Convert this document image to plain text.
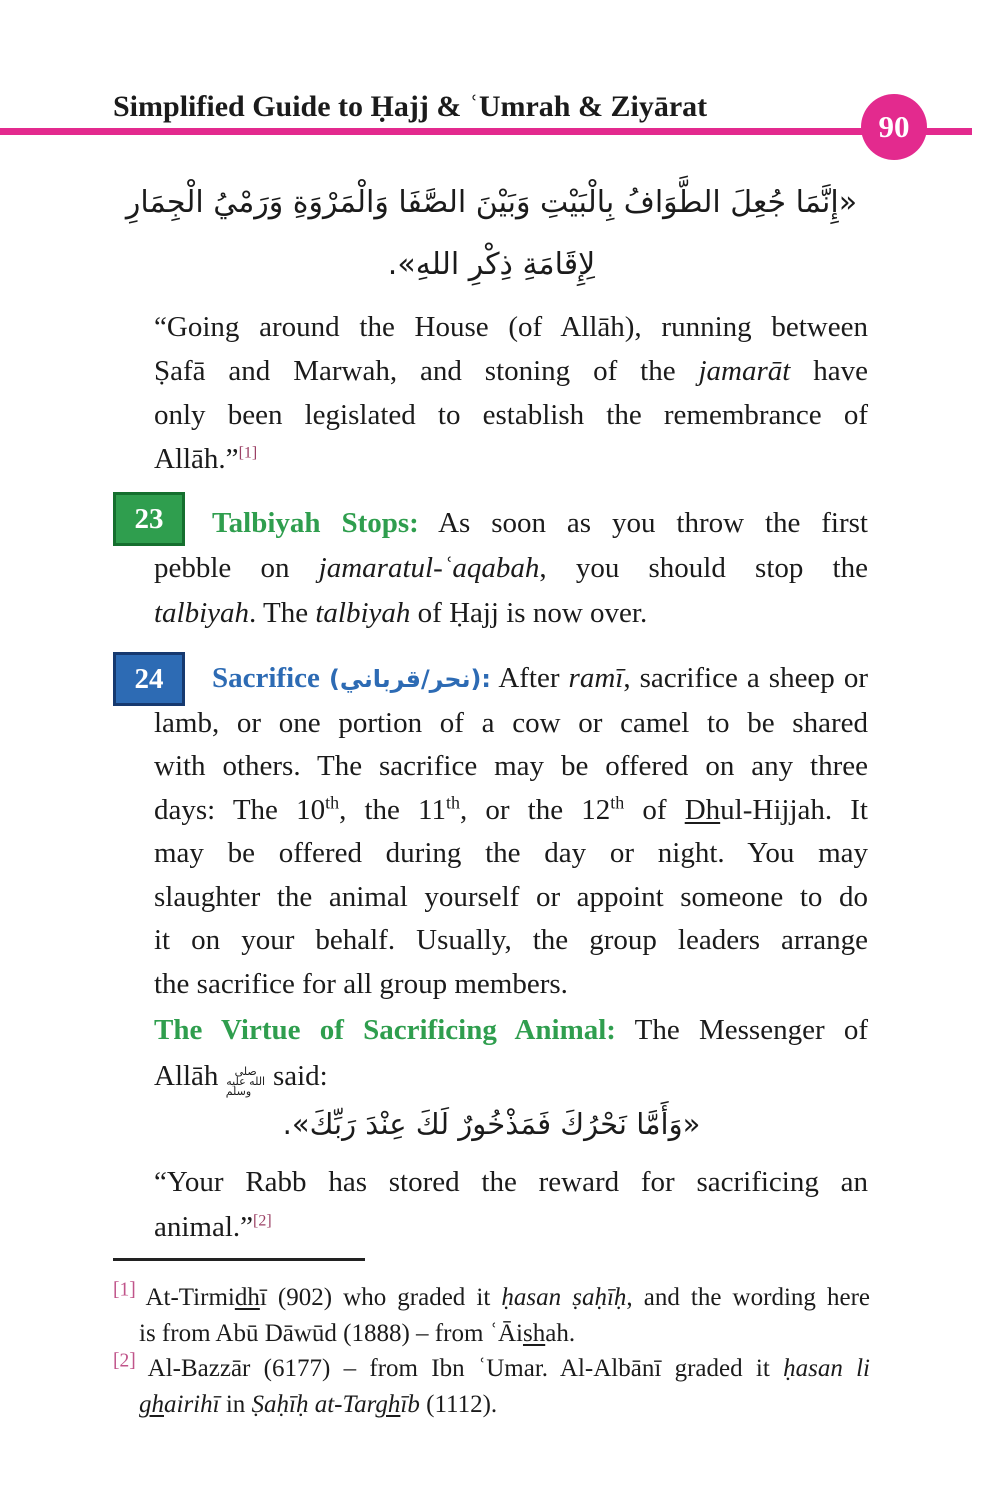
Simplified Guide to Ḥajj & ʿUmrah & Ziyārat
90
«إِنَّمَا جُعِلَ الطَّوَافُ بِالْبَيْتِ وَبَيْنَ الصَّفَا وَالْمَرْوَةِ وَرَمْيُ الْجِمَارِ
لِإِقَامَةِ ذِكْرِ اللهِ».
“Going around the House (of Allāh), running between
Ṣafā and Marwah, and stoning of the jamarāt have
only been legislated to establish the remembrance of
Allāh.”[1]
23	Talbiyah Stops: As soon as you throw the first
pebble on jamaratul-ʿaqabah, you should stop the
talbiyah. The talbiyah of Ḥajj is now over.
24	Sacrifice (نحر/قرباني): After ramī, sacrifice a sheep or
lamb, or one portion of a cow or camel to be shared
with others. The sacrifice may be offered on any three
days: The 10th, the 11th, or the 12th of Dhul-Hijjah. It
may be offered during the day or night. You may
slaughter the animal yourself or appoint someone to do
it on your behalf. Usually, the group leaders arrange
the sacrifice for all group members.
The Virtue of Sacrificing Animal: The Messenger of
Allāh صلى الله عليه وسلم said:
«وَأَمَّا نَحْرُكَ فَمَذْخُورٌ لَكَ عِنْدَ رَبِّكَ».
“Your Rabb has stored the reward for sacrificing an
animal.”[2]
[1] At-Tirmidhī (902) who graded it ḥasan ṣaḥīḥ, and the wording here
is from Abū Dāwūd (1888) – from ʿĀishah.
[2] Al-Bazzār (6177) – from Ibn ʿUmar. Al-Albānī graded it ḥasan li
ghairihī in Ṣaḥīḥ at-Targhīb (1112).
